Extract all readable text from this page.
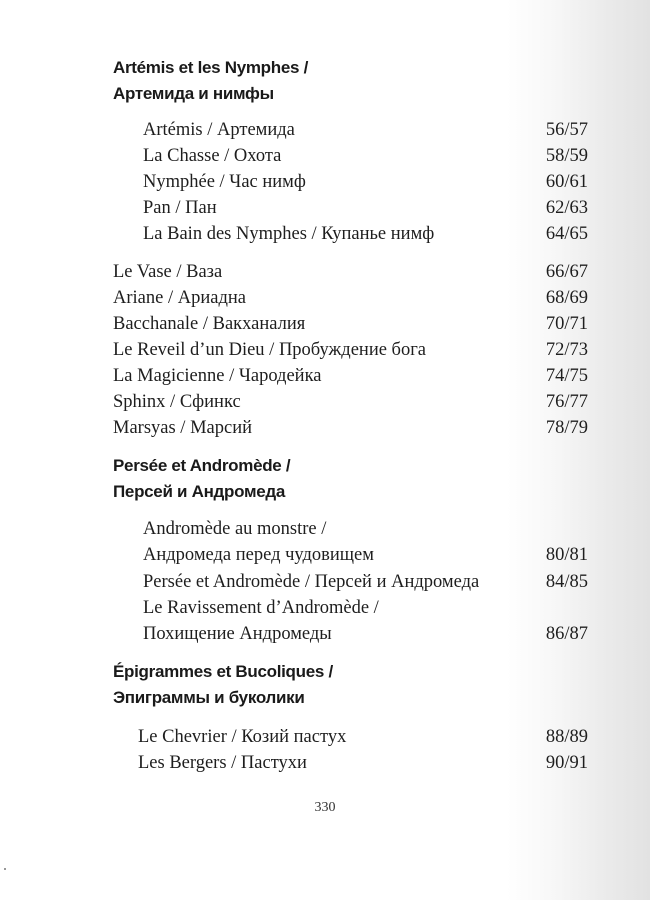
Artémis et les Nymphes /
Артемида и нимфы
Artémis / Артемида	56/57
La Chasse / Охота	58/59
Nymphée / Час нимф	60/61
Pan / Пан	62/63
La Bain des Nymphes / Купанье нимф	64/65
Le Vase / Ваза	66/67
Ariane / Ариадна	68/69
Bacchanale / Вакханалия	70/71
Le Reveil d’un Dieu / Пробуждение бога	72/73
La Magicienne / Чародейка	74/75
Sphinx / Сфинкс	76/77
Marsyas / Марсий	78/79
Persée et Andromède /
Персей и Андромеда
Andromède au monstre /
Андромеда перед чудовищем	80/81
Persée et Andromède / Персей и Андромеда	84/85
Le Ravissement d’Andromède /
Похищение Андромеды	86/87
Épigrammes et Bucoliques /
Эпиграммы и буколики
Le Chevrier / Козий пастух	88/89
Les Bergers / Пастухи	90/91
330
